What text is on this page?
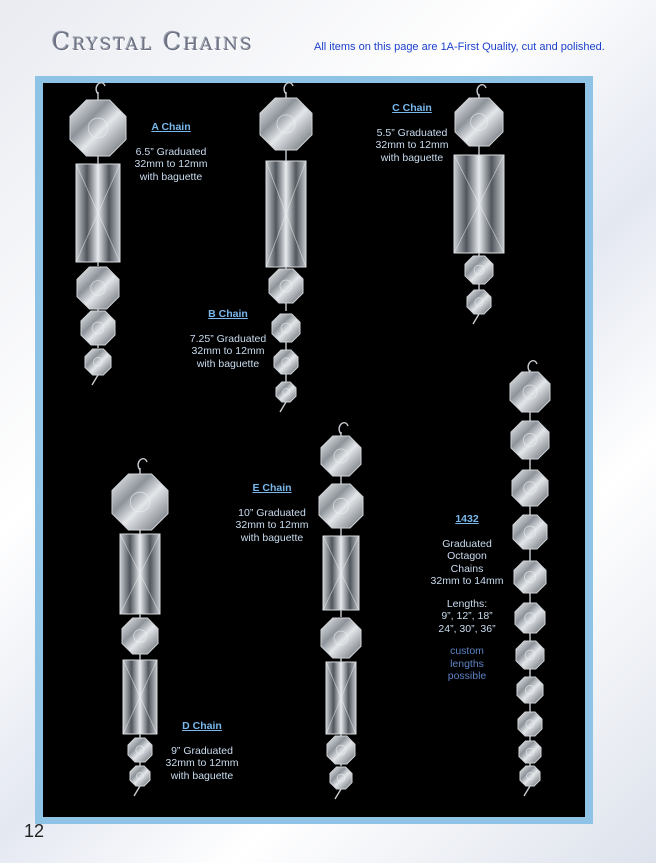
Crystal Chains	All items on this page are 1A-First Quality, cut and polished.
A Chain
6.5” Graduated
32mm to 12mm
with baguette
B Chain
7.25” Graduated
32mm to 12mm
with baguette
C Chain
5.5” Graduated
32mm to 12mm
with baguette
D Chain
9” Graduated
32mm to 12mm
with baguette
E Chain
10” Graduated
32mm to 12mm
with baguette
1432
Graduated
Octagon
Chains
32mm to 14mm
Lengths:
9”, 12”, 18”
24”, 30”, 36”
custom
lengths
possible
12
